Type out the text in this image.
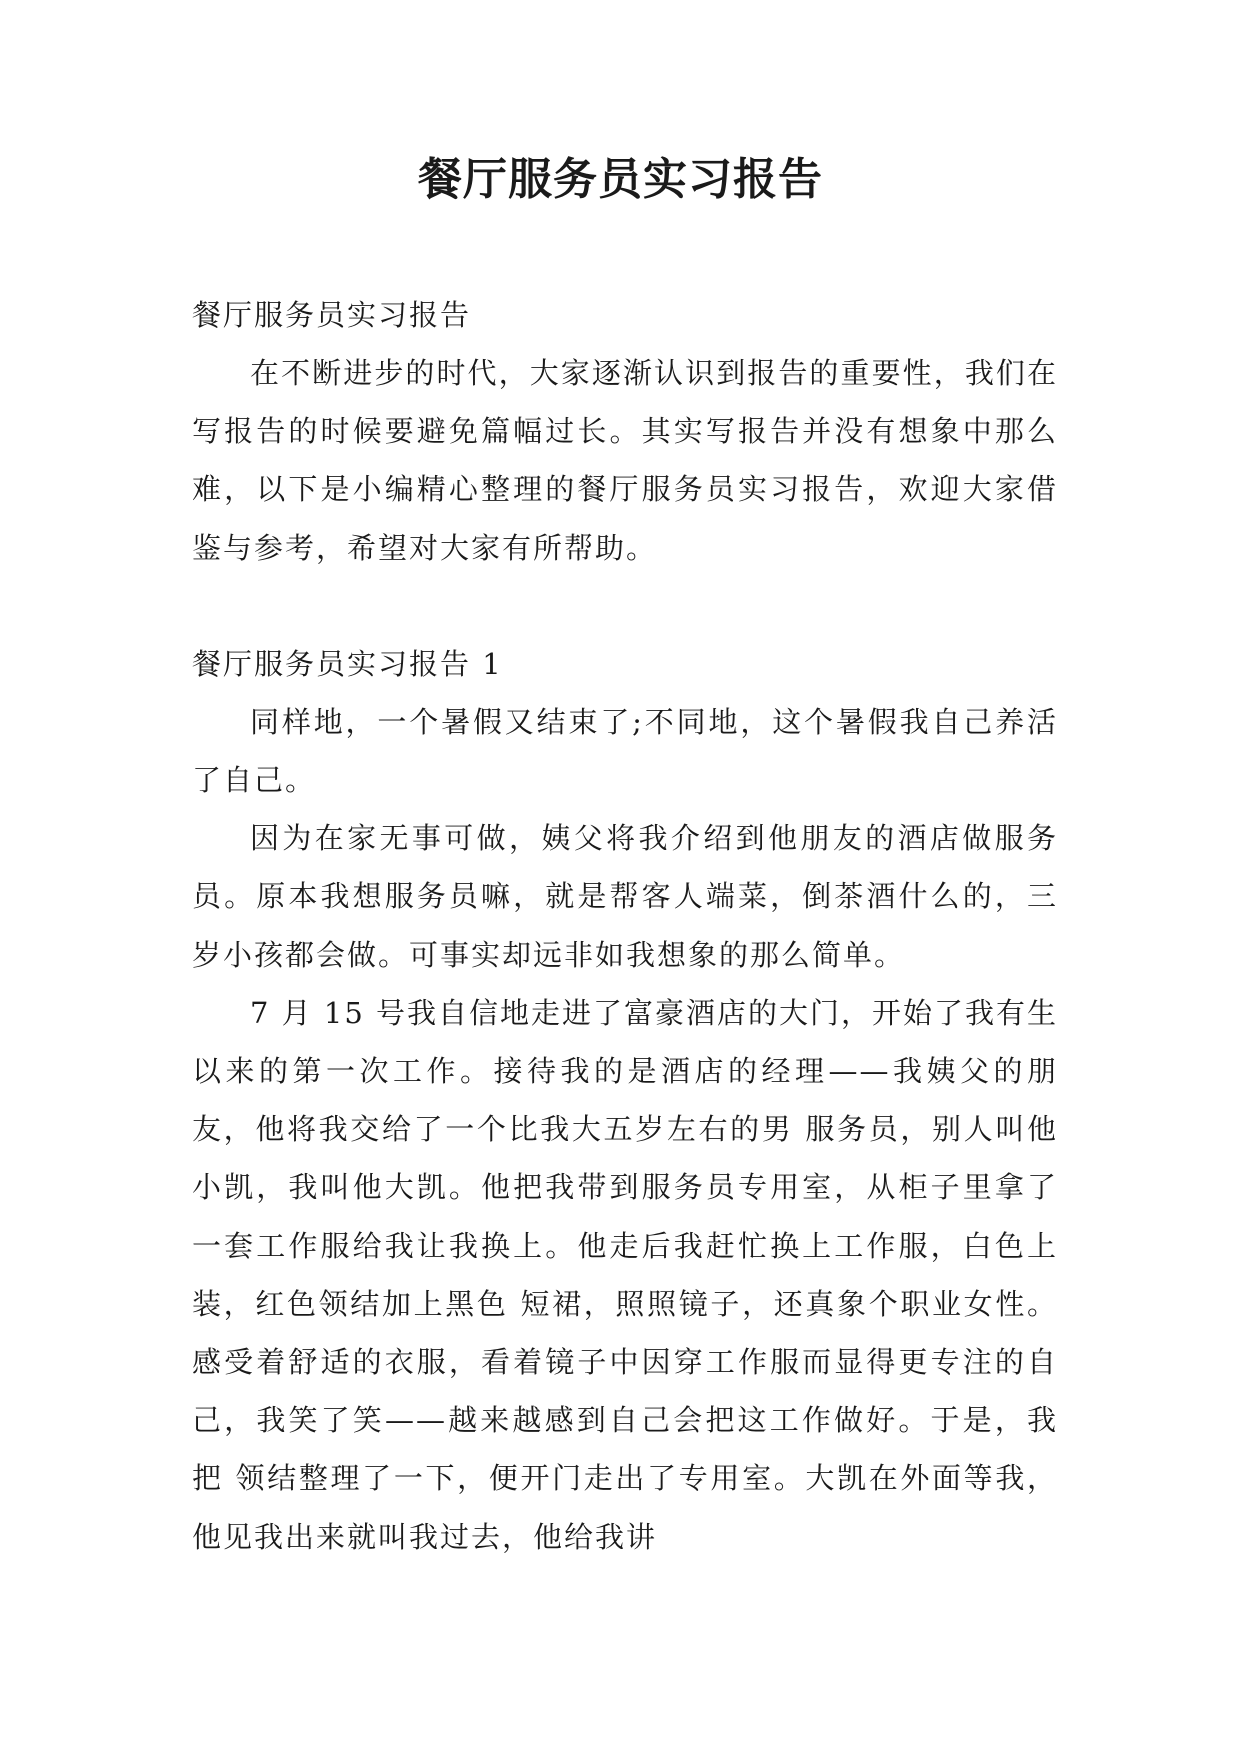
餐厅服务员实习报告

餐厅服务员实习报告

在不断进步的时代，大家逐渐认识到报告的重要性，我们在写报告的时候要避免篇幅过长。其实写报告并没有想象中那么难，以下是小编精心整理的餐厅服务员实习报告，欢迎大家借鉴与参考，希望对大家有所帮助。

餐厅服务员实习报告 1

同样地，一个暑假又结束了;不同地，这个暑假我自己养活了自己。

因为在家无事可做，姨父将我介绍到他朋友的酒店做服务员。原本我想服务员嘛，就是帮客人端菜，倒茶酒什么的，三岁小孩都会做。可事实却远非如我想象的那么简单。

7 月 15 号我自信地走进了富豪酒店的大门，开始了我有生以来的第一次工作。接待我的是酒店的经理——我姨父的朋友，他将我交给了一个比我大五岁左右的男 服务员，别人叫他小凯，我叫他大凯。他把我带到服务员专用室，从柜子里拿了一套工作服给我让我换上。他走后我赶忙换上工作服，白色上装，红色领结加上黑色 短裙，照照镜子，还真象个职业女性。感受着舒适的衣服，看着镜子中因穿工作服而显得更专注的自己，我笑了笑——越来越感到自己会把这工作做好。于是，我把 领结整理了一下，便开门走出了专用室。大凯在外面等我，他见我出来就叫我过去，他给我讲
